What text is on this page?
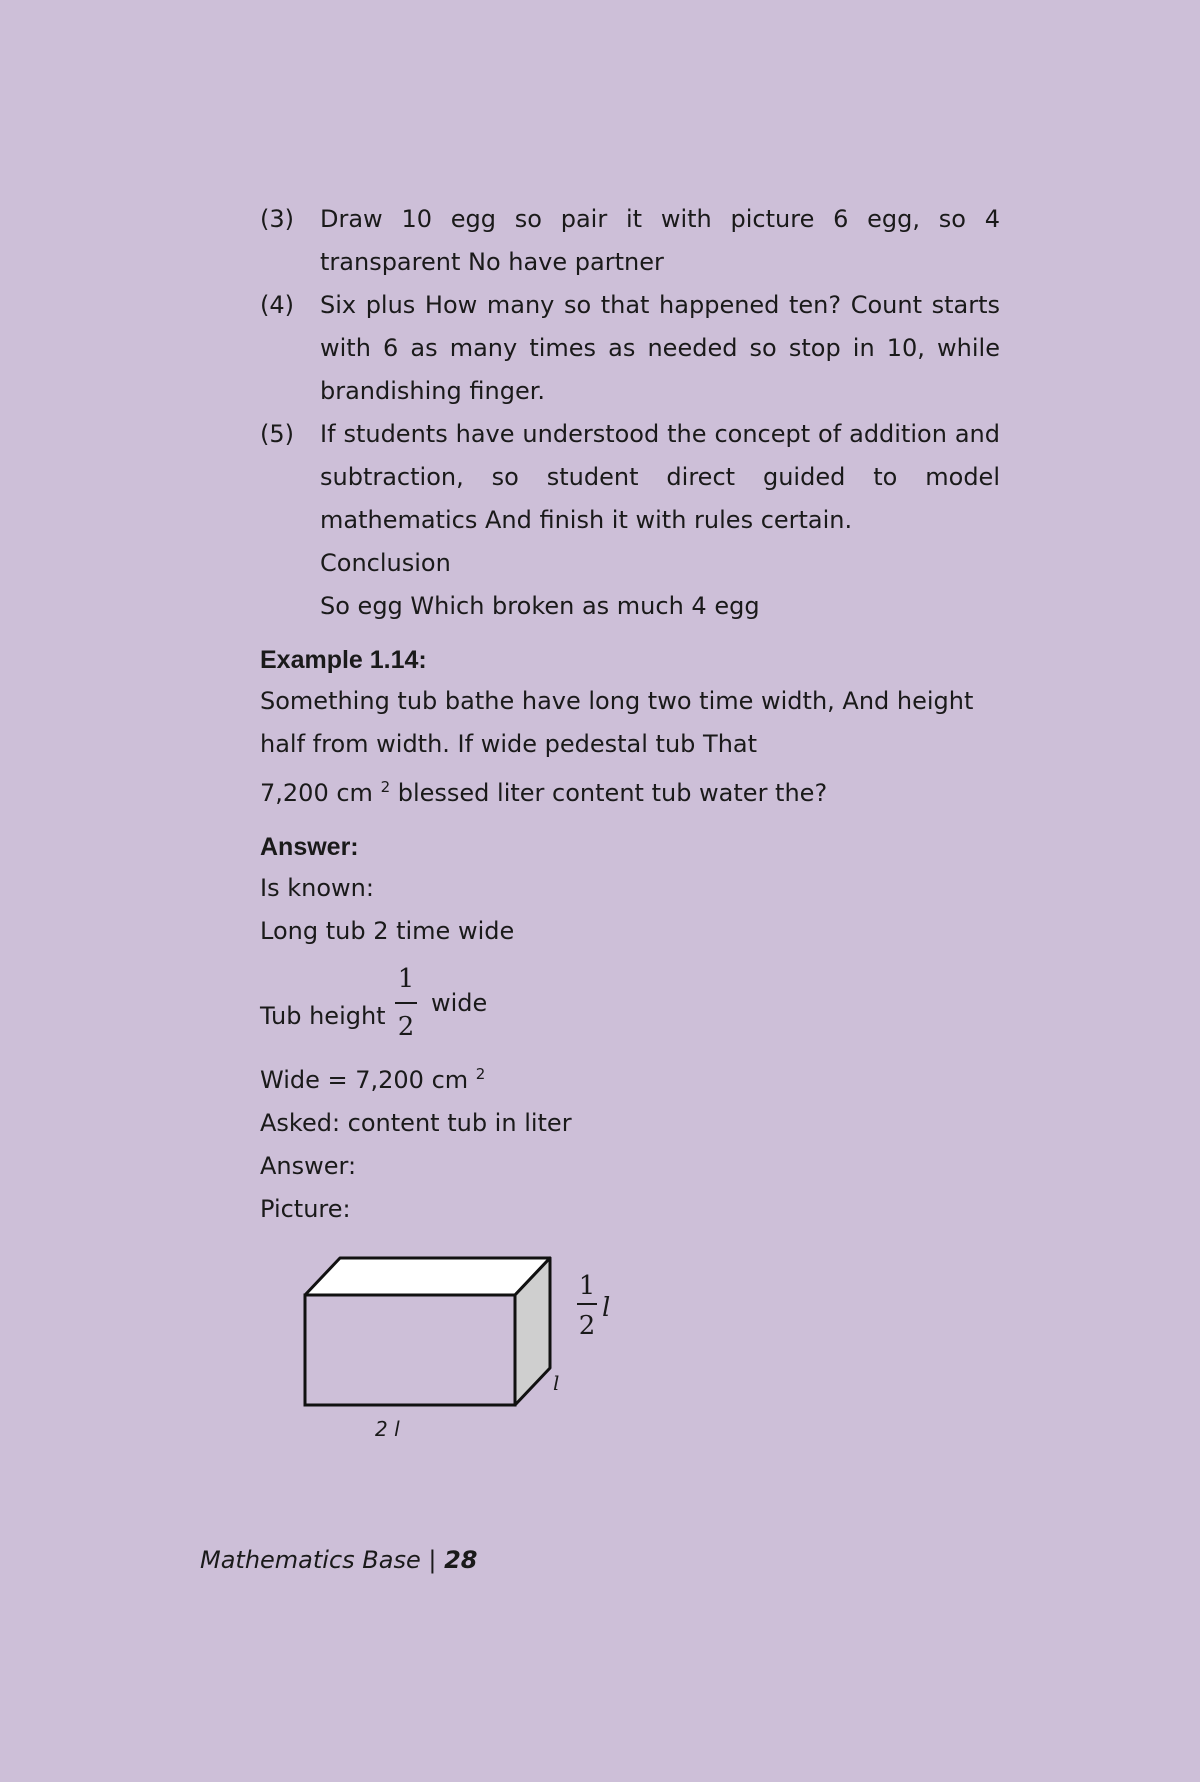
(3)	Draw 10 egg so pair it with picture 6 egg, so 4 transparent No have partner
(4)	Six plus How many so that happened ten? Count starts with 6 as many times as needed so stop in 10, while brandishing finger.
(5)	If students have understood the concept of addition and subtraction, so student direct guided to model mathematics And finish it with rules certain.
Conclusion
So egg Which broken as much 4 egg
Example 1.14:
Something tub bathe have long two time width, And height half from width. If wide pedestal tub That
7,200 cm $^2$ blessed liter content tub water the?
Answer:
Is known:
Long tub 2 time wide
Tub height $\frac{1}{2}$ wide
Wide = 7,200 cm $^2$
Asked: content tub in liter
Answer:
Picture:
1
2
l
l
2 l
Mathematics Base | 28
